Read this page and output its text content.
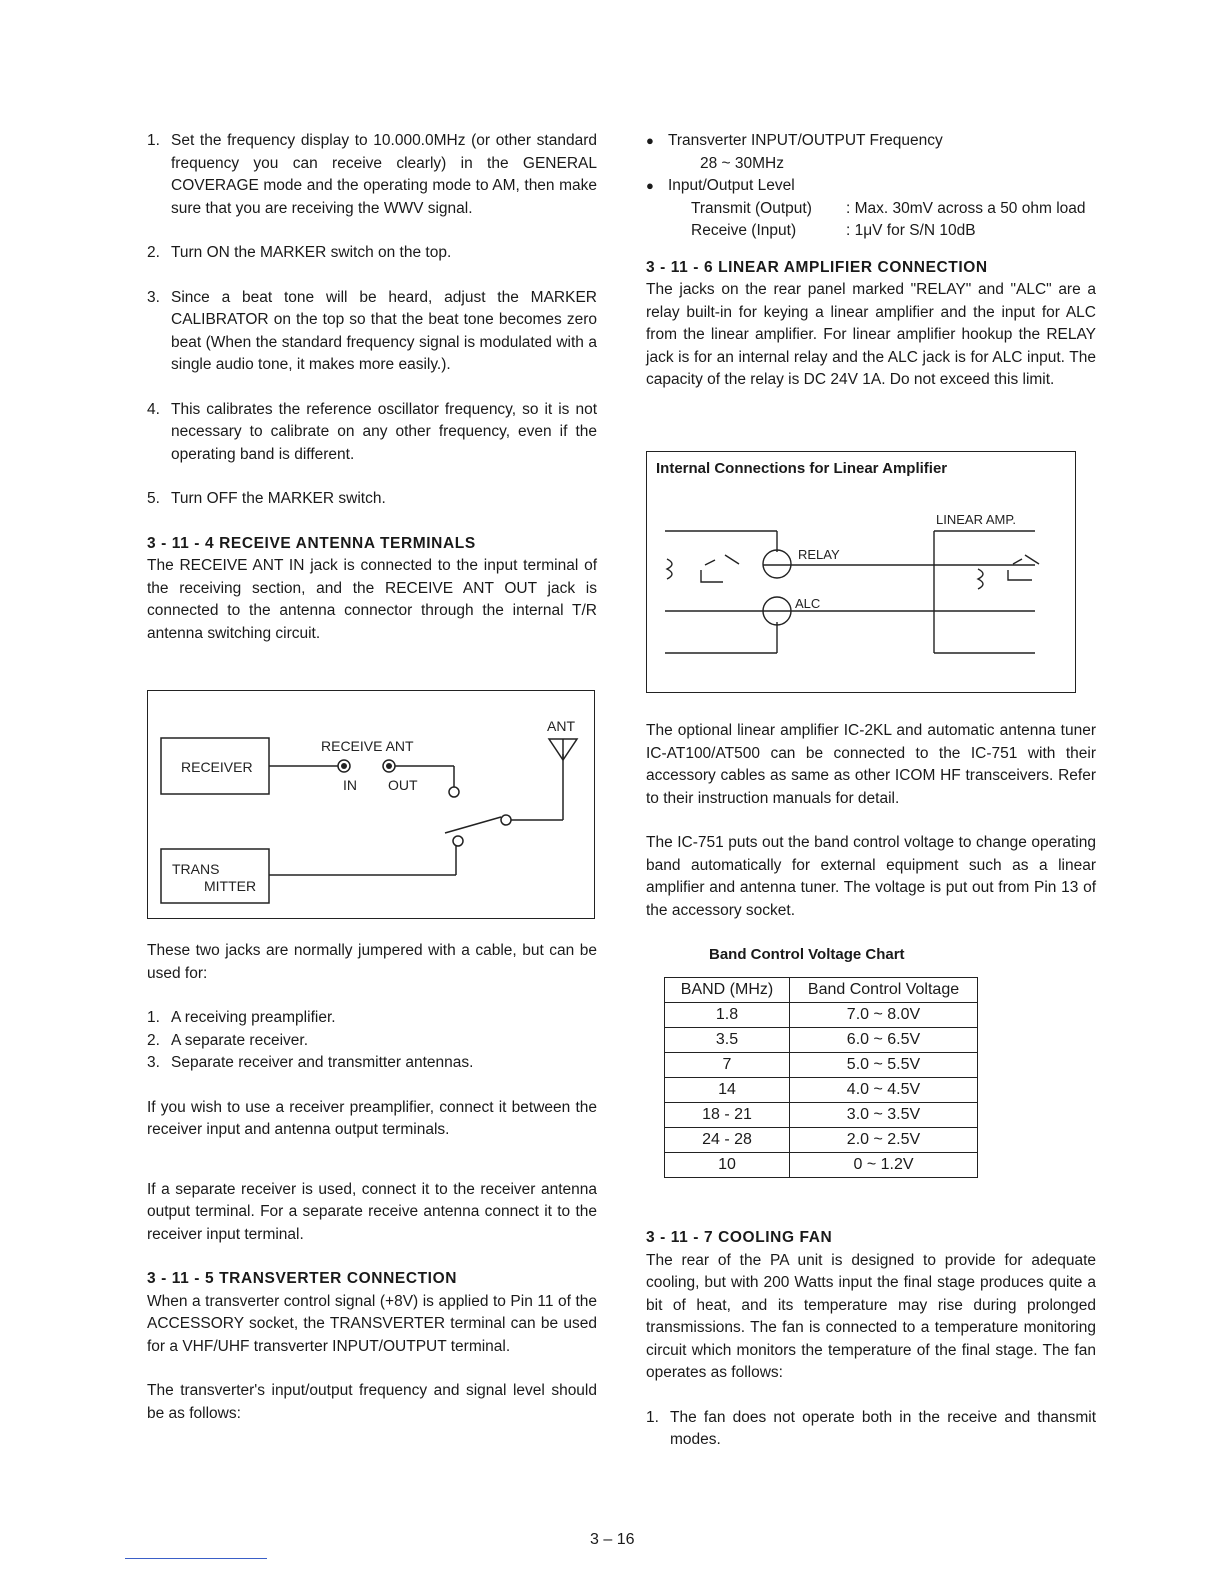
1. Set the frequency display to 10.000.0MHz (or other standard frequency you can receive clearly) in the GENERAL COVERAGE mode and the operating mode to AM, then make sure that you are receiving the WWV signal.
2. Turn ON the MARKER switch on the top.
3. Since a beat tone will be heard, adjust the MARKER CALIBRATOR on the top so that the beat tone becomes zero beat (When the standard frequency signal is modulated with a single audio tone, it makes more easily.).
4. This calibrates the reference oscillator frequency, so it is not necessary to calibrate on any other frequency, even if the operating band is different.
5. Turn OFF the MARKER switch.

3 - 11 - 4 RECEIVE ANTENNA TERMINALS

The RECEIVE ANT IN jack is connected to the input terminal of the receiving section, and the RECEIVE ANT OUT jack is connected to the antenna connector through the internal T/R antenna switching circuit.

RECEIVER
TRANS
MITTER
RECEIVE ANT
IN OUT
ANT

These two jacks are normally jumpered with a cable, but can be used for:

1. A receiving preamplifier.
2. A separate receiver.
3. Separate receiver and transmitter antennas.

If you wish to use a receiver preamplifier, connect it between the receiver input and antenna output terminals.

If a separate receiver is used, connect it to the receiver antenna output terminal. For a separate receive antenna connect it to the receiver input terminal.

3 - 11 - 5 TRANSVERTER CONNECTION

When a transverter control signal (+8V) is applied to Pin 11 of the ACCESSORY socket, the TRANSVERTER terminal can be used for a VHF/UHF transverter INPUT/OUTPUT terminal.

The transverter's input/output frequency and signal level should be as follows:

● Transverter INPUT/OUTPUT Frequency

28 ~ 30MHz

● Input/Output Level
Transmit (Output)	: Max. 30mV across a 50 ohm load
Receive (Input)	: 1μV for S/N 10dB

3 - 11 - 6 LINEAR AMPLIFIER CONNECTION

The jacks on the rear panel marked "RELAY" and "ALC" are a relay built-in for keying a linear amplifier and the input for ALC from the linear amplifier. For linear amplifier hookup the RELAY jack is for an internal relay and the ALC jack is for ALC input. The capacity of the relay is DC 24V 1A. Do not exceed this limit.

Internal Connections for Linear Amplifier
LINEAR AMP.
RELAY
ALC

The optional linear amplifier IC-2KL and automatic antenna tuner IC-AT100/AT500 can be connected to the IC-751 with their accessory cables as same as other ICOM HF transceivers. Refer to their instruction manuals for detail.

The IC-751 puts out the band control voltage to change operating band automatically for external equipment such as a linear amplifier and antenna tuner. The voltage is put out from Pin 13 of the accessory socket.

Band Control Voltage Chart

BAND (MHz)	Band Control Voltage
1.8	7.0 ~ 8.0V
3.5	6.0 ~ 6.5V
7	5.0 ~ 5.5V
14	4.0 ~ 4.5V
18 - 21	3.0 ~ 3.5V
24 - 28	2.0 ~ 2.5V
10	0 ~ 1.2V

3 - 11 - 7 COOLING FAN

The rear of the PA unit is designed to provide for adequate cooling, but with 200 Watts input the final stage produces quite a bit of heat, and its temperature may rise during prolonged transmissions. The fan is connected to a temperature monitoring circuit which monitors the temperature of the final stage. The fan operates as follows:

1. The fan does not operate both in the receive and thansmit modes.
3 – 16
